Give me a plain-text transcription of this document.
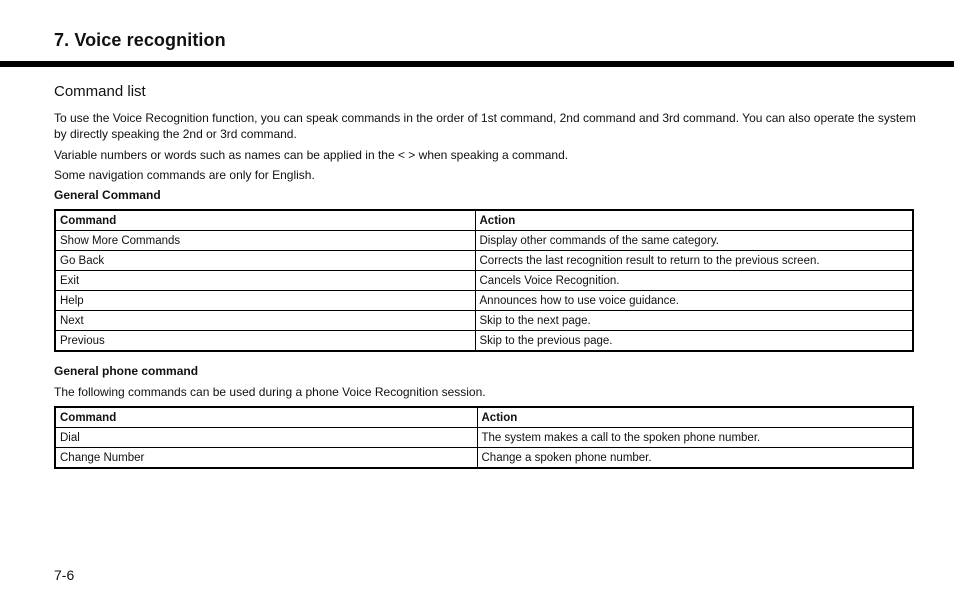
7. Voice recognition
Command list

To use the Voice Recognition function, you can speak commands in the order of 1st command, 2nd command and 3rd command. You can also operate the system by directly speaking the 2nd or 3rd command.

Variable numbers or words such as names can be applied in the < > when speaking a command.

Some navigation commands are only for English.

General Command
Command	Action
Show More Commands	Display other commands of the same category.
Go Back	Corrects the last recognition result to return to the previous screen.
Exit	Cancels Voice Recognition.
Help	Announces how to use voice guidance.
Next	Skip to the next page.
Previous	Skip to the previous page.
General phone command

The following commands can be used during a phone Voice Recognition session.

Command	Action
Dial	The system makes a call to the spoken phone number.
Change Number	Change a spoken phone number.
7-6
